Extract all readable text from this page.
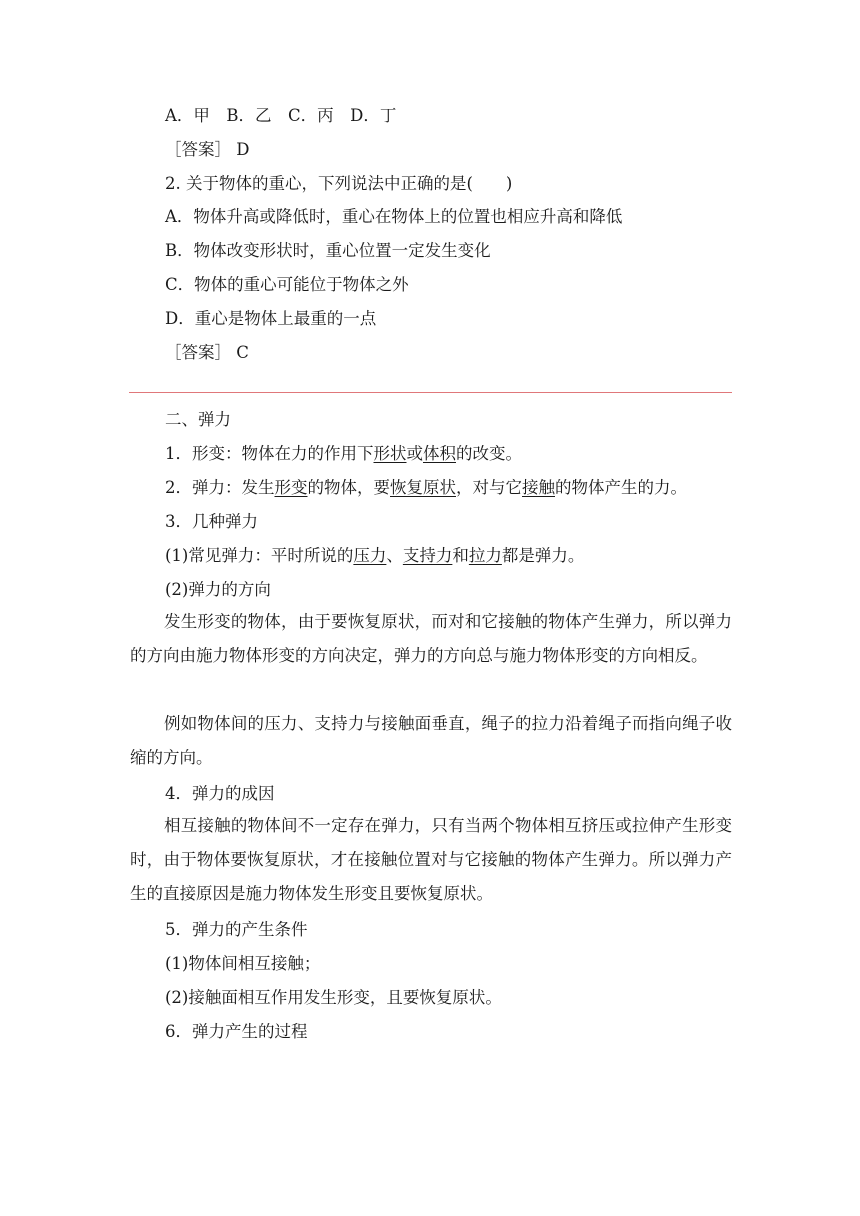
A．甲　B．乙　C．丙　D．丁
［答案］ D
2. 关于物体的重心，下列说法中正确的是(　　)
A．物体升高或降低时，重心在物体上的位置也相应升高和降低
B．物体改变形状时，重心位置一定发生变化
C．物体的重心可能位于物体之外
D．重心是物体上最重的一点
［答案］ C
二、弹力
1．形变：物体在力的作用下形状或体积的改变。
2．弹力：发生形变的物体，要恢复原状，对与它接触的物体产生的力。
3．几种弹力
(1)常见弹力：平时所说的压力、支持力和拉力都是弹力。
(2)弹力的方向
发生形变的物体，由于要恢复原状，而对和它接触的物体产生弹力，所以弹力的方向由施力物体形变的方向决定，弹力的方向总与施力物体形变的方向相反。
例如物体间的压力、支持力与接触面垂直，绳子的拉力沿着绳子而指向绳子收缩的方向。
4．弹力的成因
相互接触的物体间不一定存在弹力，只有当两个物体相互挤压或拉伸产生形变时，由于物体要恢复原状，才在接触位置对与它接触的物体产生弹力。所以弹力产生的直接原因是施力物体发生形变且要恢复原状。
5．弹力的产生条件
(1)物体间相互接触；
(2)接触面相互作用发生形变，且要恢复原状。
6．弹力产生的过程
